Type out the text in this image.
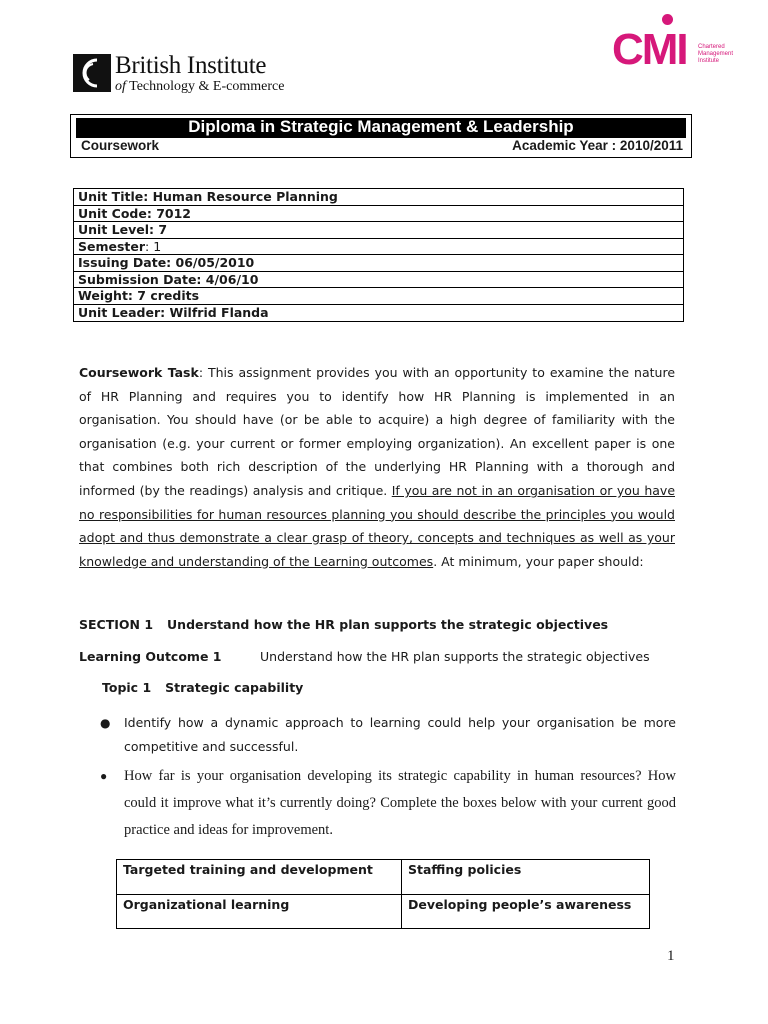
British Institute
of Technology & E-commerce
CMI Chartered
Management
Institute
Diploma in Strategic Management & Leadership
Coursework	Academic Year : 2010/2011
Unit Title: Human Resource Planning
Unit Code: 7012
Unit Level: 7
Semester: 1
Issuing Date: 06/05/2010
Submission Date: 4/06/10
Weight: 7 credits
Unit Leader: Wilfrid Flanda
Coursework Task: This assignment provides you with an opportunity to examine the nature of HR Planning and requires you to identify how HR Planning is implemented in an organisation. You should have (or be able to acquire) a high degree of familiarity with the organisation (e.g. your current or former employing organization). An excellent paper is one that combines both rich description of the underlying HR Planning with a thorough and informed (by the readings) analysis and critique. If you are not in an organisation or you have no responsibilities for human resources planning you should describe the principles you would adopt and thus demonstrate a clear grasp of theory, concepts and techniques as well as your knowledge and understanding of the Learning outcomes. At minimum, your paper should:
SECTION 1 Understand how the HR plan supports the strategic objectives
Learning Outcome 1	Understand how the HR plan supports the strategic objectives
Topic 1 Strategic capability
● Identify how a dynamic approach to learning could help your organisation be more competitive and successful.
● How far is your organisation developing its strategic capability in human resources? How could it improve what it’s currently doing? Complete the boxes below with your current good practice and ideas for improvement.
Targeted training and development	Staffing policies
Organizational learning	Developing people’s awareness
1
